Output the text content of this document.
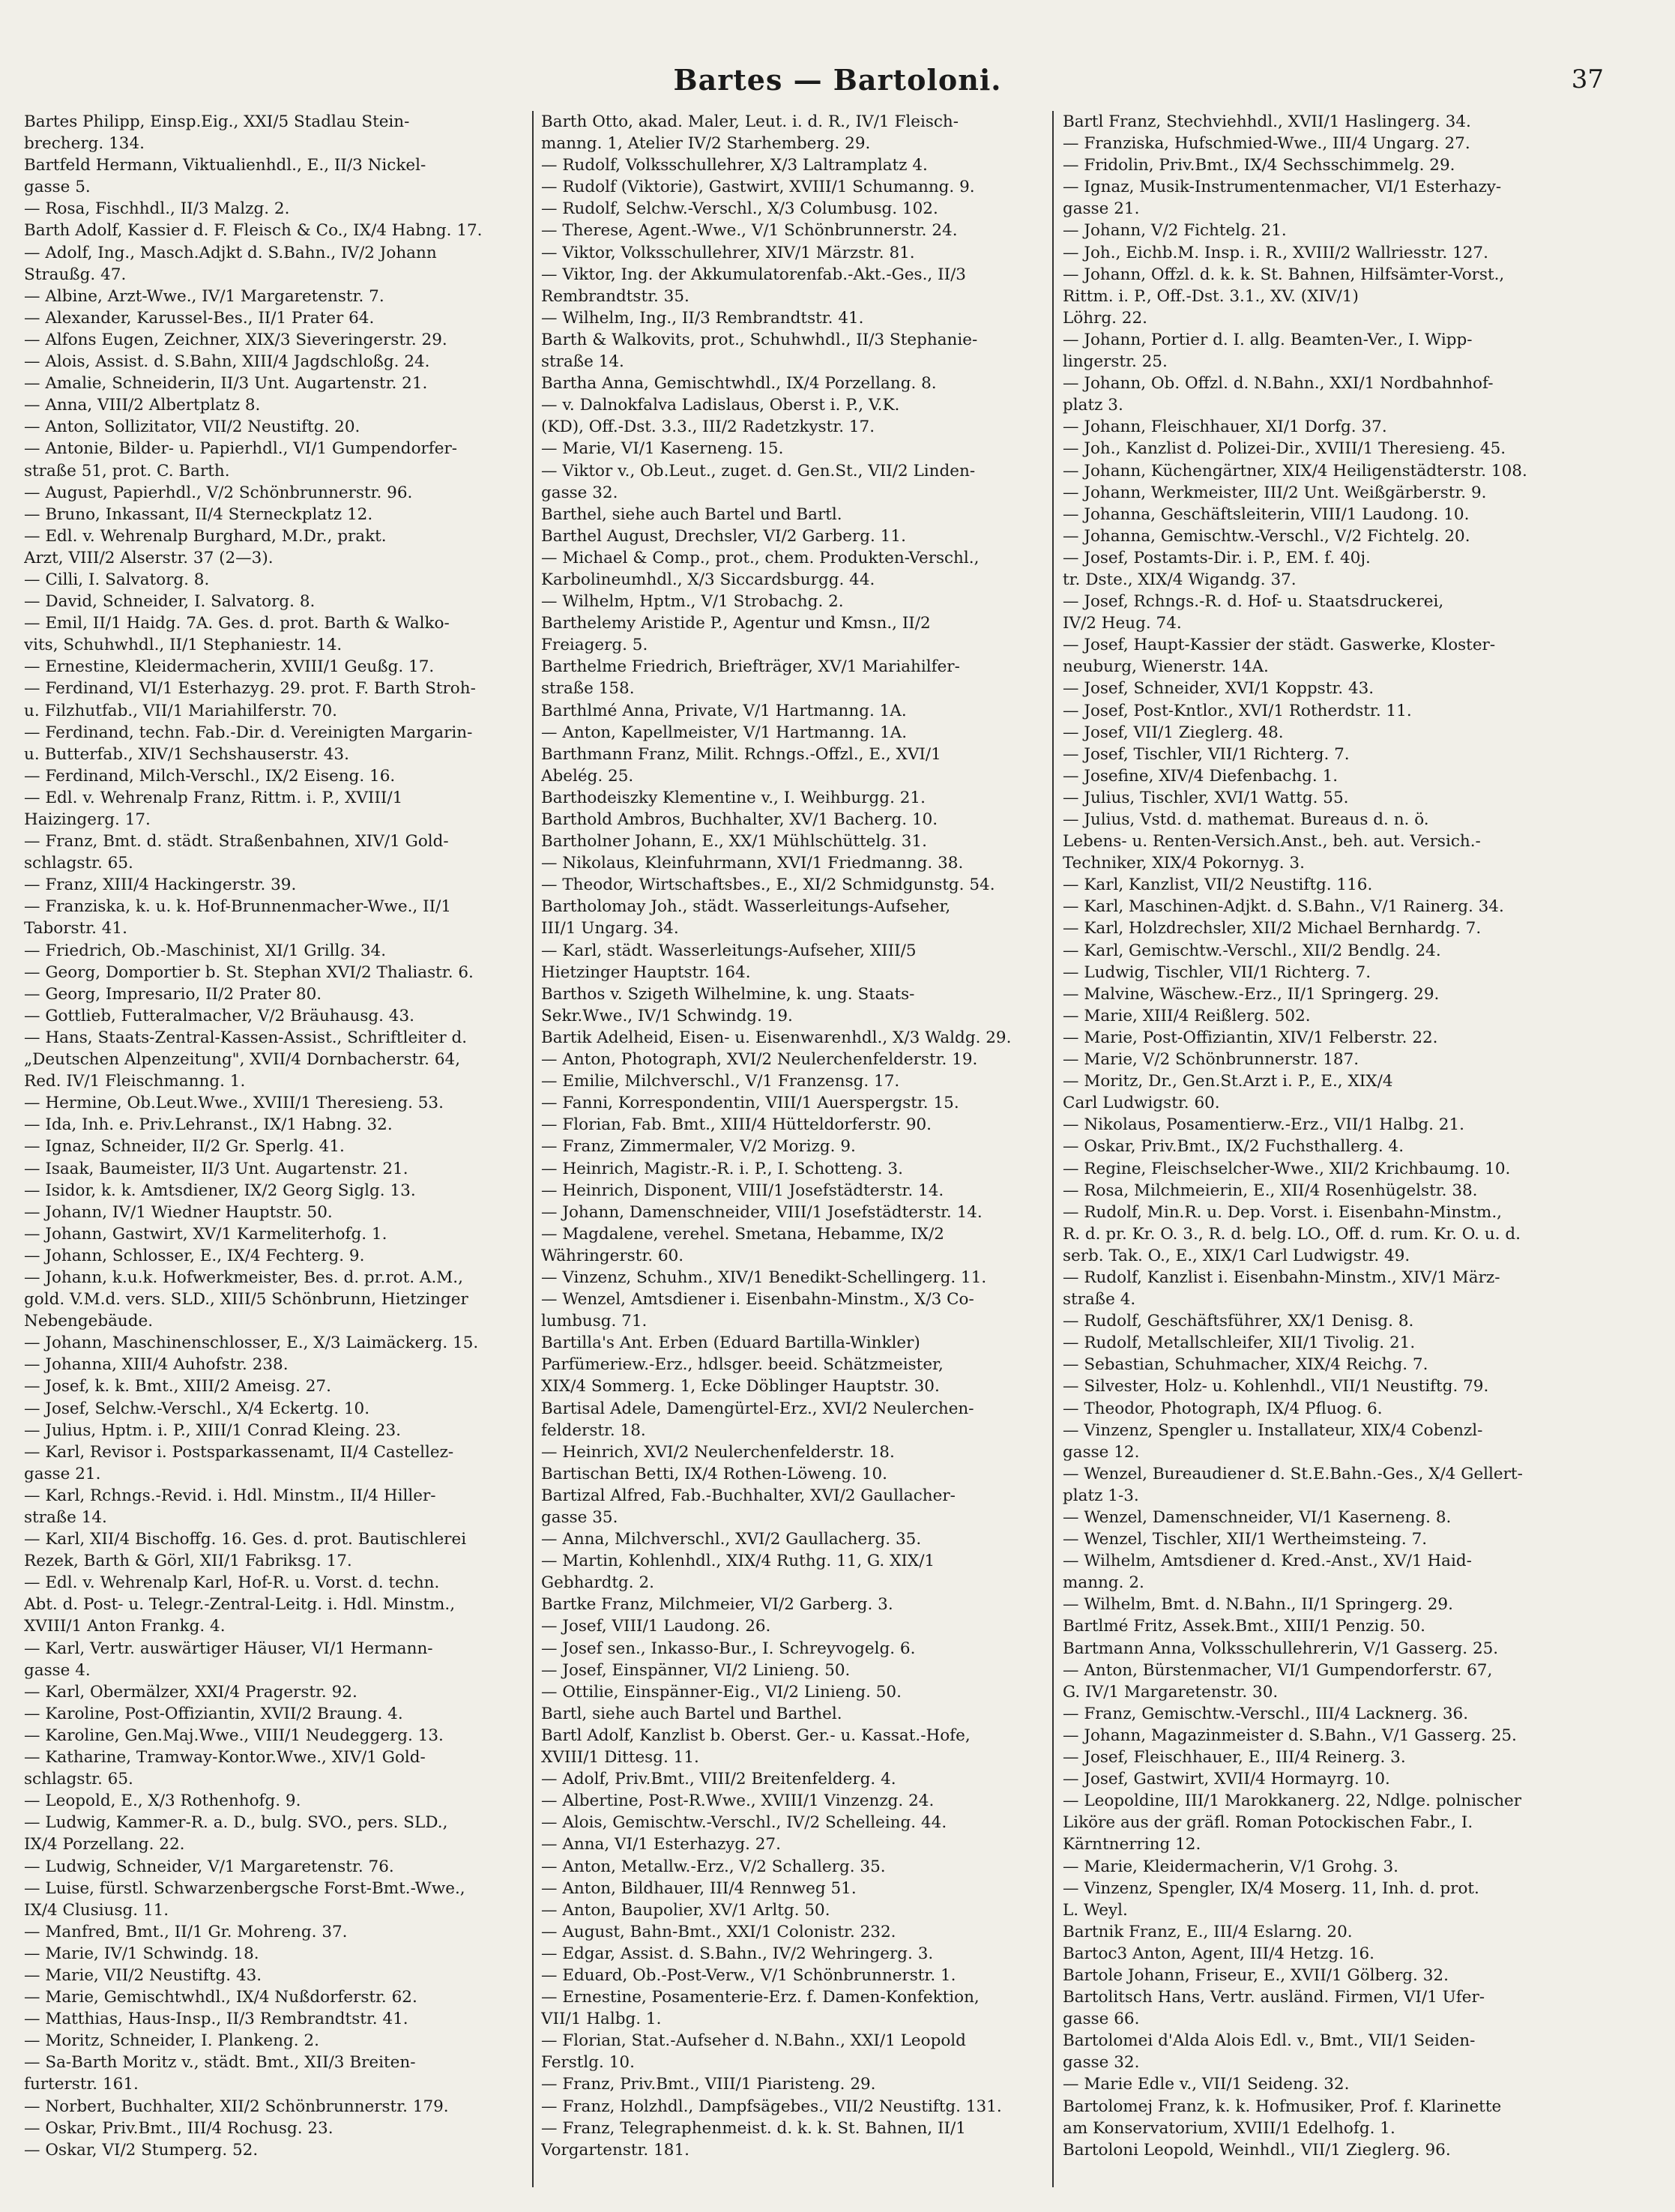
Bartes — Bartoloni.	37
Bartes Philipp, Einsp.Eig., XXI/5 Stadlau Stein-
brecherg. 134.
Bartfeld Hermann, Viktualienhdl., E., II/3 Nickel-
gasse 5.
— Rosa, Fischhdl., II/3 Malzg. 2.
Barth Adolf, Kassier d. F. Fleisch & Co., IX/4 Habng. 17.
— Adolf, Ing., Masch.Adjkt d. S.Bahn., IV/2 Johann
Straußg. 47.
— Albine, Arzt-Wwe., IV/1 Margaretenstr. 7.
— Alexander, Karussel-Bes., II/1 Prater 64.
— Alfons Eugen, Zeichner, XIX/3 Sieveringerstr. 29.
— Alois, Assist. d. S.Bahn, XIII/4 Jagdschloßg. 24.
— Amalie, Schneiderin, II/3 Unt. Augartenstr. 21.
— Anna, VIII/2 Albertplatz 8.
— Anton, Sollizitator, VII/2 Neustiftg. 20.
— Antonie, Bilder- u. Papierhdl., VI/1 Gumpendorfer-
straße 51, prot. C. Barth.
— August, Papierhdl., V/2 Schönbrunnerstr. 96.
— Bruno, Inkassant, II/4 Sterneckplatz 12.
— Edl. v. Wehrenalp Burghard, M.Dr., prakt.
Arzt, VIII/2 Alserstr. 37 (2—3).
— Cilli, I. Salvatorg. 8.
— David, Schneider, I. Salvatorg. 8.
— Emil, II/1 Haidg. 7A. Ges. d. prot. Barth & Walko-
vits, Schuhwhdl., II/1 Stephaniestr. 14.
— Ernestine, Kleidermacherin, XVIII/1 Geußg. 17.
— Ferdinand, VI/1 Esterhazyg. 29. prot. F. Barth Stroh-
u. Filzhutfab., VII/1 Mariahilferstr. 70.
— Ferdinand, techn. Fab.-Dir. d. Vereinigten Margarin-
u. Butterfab., XIV/1 Sechshauserstr. 43.
— Ferdinand, Milch-Verschl., IX/2 Eiseng. 16.
— Edl. v. Wehrenalp Franz, Rittm. i. P., XVIII/1
Haizingerg. 17.
— Franz, Bmt. d. städt. Straßenbahnen, XIV/1 Gold-
schlagstr. 65.
— Franz, XIII/4 Hackingerstr. 39.
— Franziska, k. u. k. Hof-Brunnenmacher-Wwe., II/1
Taborstr. 41.
— Friedrich, Ob.-Maschinist, XI/1 Grillg. 34.
— Georg, Domportier b. St. Stephan XVI/2 Thaliastr. 6.
— Georg, Impresario, II/2 Prater 80.
— Gottlieb, Futteralmacher, V/2 Bräuhausg. 43.
— Hans, Staats-Zentral-Kassen-Assist., Schriftleiter d.
„Deutschen Alpenzeitung", XVII/4 Dornbacherstr. 64,
Red. IV/1 Fleischmanng. 1.
— Hermine, Ob.Leut.Wwe., XVIII/1 Theresieng. 53.
— Ida, Inh. e. Priv.Lehranst., IX/1 Habng. 32.
— Ignaz, Schneider, II/2 Gr. Sperlg. 41.
— Isaak, Baumeister, II/3 Unt. Augartenstr. 21.
— Isidor, k. k. Amtsdiener, IX/2 Georg Siglg. 13.
— Johann, IV/1 Wiedner Hauptstr. 50.
— Johann, Gastwirt, XV/1 Karmeliterhofg. 1.
— Johann, Schlosser, E., IX/4 Fechterg. 9.
— Johann, k.u.k. Hofwerkmeister, Bes. d. pr.rot. A.M.,
gold. V.M.d. vers. SLD., XIII/5 Schönbrunn, Hietzinger
Nebengebäude.
— Johann, Maschinenschlosser, E., X/3 Laimäckerg. 15.
— Johanna, XIII/4 Auhofstr. 238.
— Josef, k. k. Bmt., XIII/2 Ameisg. 27.
— Josef, Selchw.-Verschl., X/4 Eckertg. 10.
— Julius, Hptm. i. P., XIII/1 Conrad Kleing. 23.
— Karl, Revisor i. Postsparkassenamt, II/4 Castellez-
gasse 21.
— Karl, Rchngs.-Revid. i. Hdl. Minstm., II/4 Hiller-
straße 14.
— Karl, XII/4 Bischoffg. 16. Ges. d. prot. Bautischlerei
Rezek, Barth & Görl, XII/1 Fabriksg. 17.
— Edl. v. Wehrenalp Karl, Hof-R. u. Vorst. d. techn.
Abt. d. Post- u. Telegr.-Zentral-Leitg. i. Hdl. Minstm.,
XVIII/1 Anton Frankg. 4.
— Karl, Vertr. auswärtiger Häuser, VI/1 Hermann-
gasse 4.
— Karl, Obermälzer, XXI/4 Pragerstr. 92.
— Karoline, Post-Offiziantin, XVII/2 Braung. 4.
— Karoline, Gen.Maj.Wwe., VIII/1 Neudeggerg. 13.
— Katharine, Tramway-Kontor.Wwe., XIV/1 Gold-
schlagstr. 65.
— Leopold, E., X/3 Rothenhofg. 9.
— Ludwig, Kammer-R. a. D., bulg. SVO., pers. SLD.,
IX/4 Porzellang. 22.
— Ludwig, Schneider, V/1 Margaretenstr. 76.
— Luise, fürstl. Schwarzenbergsche Forst-Bmt.-Wwe.,
IX/4 Clusiusg. 11.
— Manfred, Bmt., II/1 Gr. Mohreng. 37.
— Marie, IV/1 Schwindg. 18.
— Marie, VII/2 Neustiftg. 43.
— Marie, Gemischtwhdl., IX/4 Nußdorferstr. 62.
— Matthias, Haus-Insp., II/3 Rembrandtstr. 41.
— Moritz, Schneider, I. Plankeng. 2.
— Sa-Barth Moritz v., städt. Bmt., XII/3 Breiten-
furterstr. 161.
— Norbert, Buchhalter, XII/2 Schönbrunnerstr. 179.
— Oskar, Priv.Bmt., III/4 Rochusg. 23.
— Oskar, VI/2 Stumperg. 52.
Barth Otto, akad. Maler, Leut. i. d. R., IV/1 Fleisch-
manng. 1, Atelier IV/2 Starhemberg. 29.
— Rudolf, Volksschullehrer, X/3 Laltramplatz 4.
— Rudolf (Viktorie), Gastwirt, XVIII/1 Schumanng. 9.
— Rudolf, Selchw.-Verschl., X/3 Columbusg. 102.
— Therese, Agent.-Wwe., V/1 Schönbrunnerstr. 24.
— Viktor, Volksschullehrer, XIV/1 Märzstr. 81.
— Viktor, Ing. der Akkumulatorenfab.-Akt.-Ges., II/3
Rembrandtstr. 35.
— Wilhelm, Ing., II/3 Rembrandtstr. 41.
Barth & Walkovits, prot., Schuhwhdl., II/3 Stephanie-
straße 14.
Bartha Anna, Gemischtwhdl., IX/4 Porzellang. 8.
— v. Dalnokfalva Ladislaus, Oberst i. P., V.K.
(KD), Off.-Dst. 3.3., III/2 Radetzkystr. 17.
— Marie, VI/1 Kaserneng. 15.
— Viktor v., Ob.Leut., zuget. d. Gen.St., VII/2 Linden-
gasse 32.
Barthel, siehe auch Bartel und Bartl.
Barthel August, Drechsler, VI/2 Garberg. 11.
— Michael & Comp., prot., chem. Produkten-Verschl.,
Karbolineumhdl., X/3 Siccardsburgg. 44.
— Wilhelm, Hptm., V/1 Strobachg. 2.
Barthelemy Aristide P., Agentur und Kmsn., II/2
Freiagerg. 5.
Barthelme Friedrich, Briefträger, XV/1 Mariahilfer-
straße 158.
Barthlmé Anna, Private, V/1 Hartmanng. 1A.
— Anton, Kapellmeister, V/1 Hartmanng. 1A.
Barthmann Franz, Milit. Rchngs.-Offzl., E., XVI/1
Abelég. 25.
Barthodeiszky Klementine v., I. Weihburgg. 21.
Barthold Ambros, Buchhalter, XV/1 Bacherg. 10.
Bartholner Johann, E., XX/1 Mühlschüttelg. 31.
— Nikolaus, Kleinfuhrmann, XVI/1 Friedmanng. 38.
— Theodor, Wirtschaftsbes., E., XI/2 Schmidgunstg. 54.
Bartholomay Joh., städt. Wasserleitungs-Aufseher,
III/1 Ungarg. 34.
— Karl, städt. Wasserleitungs-Aufseher, XIII/5
Hietzinger Hauptstr. 164.
Barthos v. Szigeth Wilhelmine, k. ung. Staats-
Sekr.Wwe., IV/1 Schwindg. 19.
Bartik Adelheid, Eisen- u. Eisenwarenhdl., X/3 Waldg. 29.
— Anton, Photograph, XVI/2 Neulerchenfelderstr. 19.
— Emilie, Milchverschl., V/1 Franzensg. 17.
— Fanni, Korrespondentin, VIII/1 Auerspergstr. 15.
— Florian, Fab. Bmt., XIII/4 Hütteldorferstr. 90.
— Franz, Zimmermaler, V/2 Morizg. 9.
— Heinrich, Magistr.-R. i. P., I. Schotteng. 3.
— Heinrich, Disponent, VIII/1 Josefstädterstr. 14.
— Johann, Damenschneider, VIII/1 Josefstädterstr. 14.
— Magdalene, verehel. Smetana, Hebamme, IX/2
Währingerstr. 60.
— Vinzenz, Schuhm., XIV/1 Benedikt-Schellingerg. 11.
— Wenzel, Amtsdiener i. Eisenbahn-Minstm., X/3 Co-
lumbusg. 71.
Bartilla's Ant. Erben (Eduard Bartilla-Winkler)
Parfümeriew.-Erz., hdlsger. beeid. Schätzmeister,
XIX/4 Sommerg. 1, Ecke Döblinger Hauptstr. 30.
Bartisal Adele, Damengürtel-Erz., XVI/2 Neulerchen-
felderstr. 18.
— Heinrich, XVI/2 Neulerchenfelderstr. 18.
Bartischan Betti, IX/4 Rothen-Löweng. 10.
Bartizal Alfred, Fab.-Buchhalter, XVI/2 Gaullacher-
gasse 35.
— Anna, Milchverschl., XVI/2 Gaullacherg. 35.
— Martin, Kohlenhdl., XIX/4 Ruthg. 11, G. XIX/1
Gebhardtg. 2.
Bartke Franz, Milchmeier, VI/2 Garberg. 3.
— Josef, VIII/1 Laudong. 26.
— Josef sen., Inkasso-Bur., I. Schreyvogelg. 6.
— Josef, Einspänner, VI/2 Linieng. 50.
— Ottilie, Einspänner-Eig., VI/2 Linieng. 50.
Bartl, siehe auch Bartel und Barthel.
Bartl Adolf, Kanzlist b. Oberst. Ger.- u. Kassat.-Hofe,
XVIII/1 Dittesg. 11.
— Adolf, Priv.Bmt., VIII/2 Breitenfelderg. 4.
— Albertine, Post-R.Wwe., XVIII/1 Vinzenzg. 24.
— Alois, Gemischtw.-Verschl., IV/2 Schelleing. 44.
— Anna, VI/1 Esterhazyg. 27.
— Anton, Metallw.-Erz., V/2 Schallerg. 35.
— Anton, Bildhauer, III/4 Rennweg 51.
— Anton, Baupolier, XV/1 Arltg. 50.
— August, Bahn-Bmt., XXI/1 Colonistr. 232.
— Edgar, Assist. d. S.Bahn., IV/2 Wehringerg. 3.
— Eduard, Ob.-Post-Verw., V/1 Schönbrunnerstr. 1.
— Ernestine, Posamenterie-Erz. f. Damen-Konfektion,
VII/1 Halbg. 1.
— Florian, Stat.-Aufseher d. N.Bahn., XXI/1 Leopold
Ferstlg. 10.
— Franz, Priv.Bmt., VIII/1 Piaristeng. 29.
— Franz, Holzhdl., Dampfsägebes., VII/2 Neustiftg. 131.
— Franz, Telegraphenmeist. d. k. k. St. Bahnen, II/1
Vorgartenstr. 181.
Bartl Franz, Stechviehhdl., XVII/1 Haslingerg. 34.
— Franziska, Hufschmied-Wwe., III/4 Ungarg. 27.
— Fridolin, Priv.Bmt., IX/4 Sechsschimmelg. 29.
— Ignaz, Musik-Instrumentenmacher, VI/1 Esterhazy-
gasse 21.
— Johann, V/2 Fichtelg. 21.
— Joh., Eichb.M. Insp. i. R., XVIII/2 Wallriesstr. 127.
— Johann, Offzl. d. k. k. St. Bahnen, Hilfsämter-Vorst.,
Rittm. i. P., Off.-Dst. 3.1., XV. (XIV/1)
Löhrg. 22.
— Johann, Portier d. I. allg. Beamten-Ver., I. Wipp-
lingerstr. 25.
— Johann, Ob. Offzl. d. N.Bahn., XXI/1 Nordbahnhof-
platz 3.
— Johann, Fleischhauer, XI/1 Dorfg. 37.
— Joh., Kanzlist d. Polizei-Dir., XVIII/1 Theresieng. 45.
— Johann, Küchengärtner, XIX/4 Heiligenstädterstr. 108.
— Johann, Werkmeister, III/2 Unt. Weißgärberstr. 9.
— Johanna, Geschäftsleiterin, VIII/1 Laudong. 10.
— Johanna, Gemischtw.-Verschl., V/2 Fichtelg. 20.
— Josef, Postamts-Dir. i. P., EM. f. 40j.
tr. Dste., XIX/4 Wigandg. 37.
— Josef, Rchngs.-R. d. Hof- u. Staatsdruckerei,
IV/2 Heug. 74.
— Josef, Haupt-Kassier der städt. Gaswerke, Kloster-
neuburg, Wienerstr. 14A.
— Josef, Schneider, XVI/1 Koppstr. 43.
— Josef, Post-Kntlor., XVI/1 Rotherdstr. 11.
— Josef, VII/1 Zieglerg. 48.
— Josef, Tischler, VII/1 Richterg. 7.
— Josefine, XIV/4 Diefenbachg. 1.
— Julius, Tischler, XVI/1 Wattg. 55.
— Julius, Vstd. d. mathemat. Bureaus d. n. ö.
Lebens- u. Renten-Versich.Anst., beh. aut. Versich.-
Techniker, XIX/4 Pokornyg. 3.
— Karl, Kanzlist, VII/2 Neustiftg. 116.
— Karl, Maschinen-Adjkt. d. S.Bahn., V/1 Rainerg. 34.
— Karl, Holzdrechsler, XII/2 Michael Bernhardg. 7.
— Karl, Gemischtw.-Verschl., XII/2 Bendlg. 24.
— Ludwig, Tischler, VII/1 Richterg. 7.
— Malvine, Wäschew.-Erz., II/1 Springerg. 29.
— Marie, XIII/4 Reißlerg. 502.
— Marie, Post-Offiziantin, XIV/1 Felberstr. 22.
— Marie, V/2 Schönbrunnerstr. 187.
— Moritz, Dr., Gen.St.Arzt i. P., E., XIX/4
Carl Ludwigstr. 60.
— Nikolaus, Posamentierw.-Erz., VII/1 Halbg. 21.
— Oskar, Priv.Bmt., IX/2 Fuchsthallerg. 4.
— Regine, Fleischselcher-Wwe., XII/2 Krichbaumg. 10.
— Rosa, Milchmeierin, E., XII/4 Rosenhügelstr. 38.
— Rudolf, Min.R. u. Dep. Vorst. i. Eisenbahn-Minstm.,
R. d. pr. Kr. O. 3., R. d. belg. LO., Off. d. rum. Kr. O. u. d.
serb. Tak. O., E., XIX/1 Carl Ludwigstr. 49.
— Rudolf, Kanzlist i. Eisenbahn-Minstm., XIV/1 März-
straße 4.
— Rudolf, Geschäftsführer, XX/1 Denisg. 8.
— Rudolf, Metallschleifer, XII/1 Tivolig. 21.
— Sebastian, Schuhmacher, XIX/4 Reichg. 7.
— Silvester, Holz- u. Kohlenhdl., VII/1 Neustiftg. 79.
— Theodor, Photograph, IX/4 Pfluog. 6.
— Vinzenz, Spengler u. Installateur, XIX/4 Cobenzl-
gasse 12.
— Wenzel, Bureaudiener d. St.E.Bahn.-Ges., X/4 Gellert-
platz 1-3.
— Wenzel, Damenschneider, VI/1 Kaserneng. 8.
— Wenzel, Tischler, XII/1 Wertheimsteing. 7.
— Wilhelm, Amtsdiener d. Kred.-Anst., XV/1 Haid-
manng. 2.
— Wilhelm, Bmt. d. N.Bahn., II/1 Springerg. 29.
Bartlmé Fritz, Assek.Bmt., XIII/1 Penzig. 50.
Bartmann Anna, Volksschullehrerin, V/1 Gasserg. 25.
— Anton, Bürstenmacher, VI/1 Gumpendorferstr. 67,
G. IV/1 Margaretenstr. 30.
— Franz, Gemischtw.-Verschl., III/4 Lacknerg. 36.
— Johann, Magazinmeister d. S.Bahn., V/1 Gasserg. 25.
— Josef, Fleischhauer, E., III/4 Reinerg. 3.
— Josef, Gastwirt, XVII/4 Hormayrg. 10.
— Leopoldine, III/1 Marokkanerg. 22, Ndlge. polnischer
Liköre aus der gräfl. Roman Potockischen Fabr., I.
Kärntnerring 12.
— Marie, Kleidermacherin, V/1 Grohg. 3.
— Vinzenz, Spengler, IX/4 Moserg. 11, Inh. d. prot.
L. Weyl.
Bartnik Franz, E., III/4 Eslarng. 20.
Bartoc3 Anton, Agent, III/4 Hetzg. 16.
Bartole Johann, Friseur, E., XVII/1 Gölberg. 32.
Bartolitsch Hans, Vertr. ausländ. Firmen, VI/1 Ufer-
gasse 66.
Bartolomei d'Alda Alois Edl. v., Bmt., VII/1 Seiden-
gasse 32.
— Marie Edle v., VII/1 Seideng. 32.
Bartolomej Franz, k. k. Hofmusiker, Prof. f. Klarinette
am Konservatorium, XVIII/1 Edelhofg. 1.
Bartoloni Leopold, Weinhdl., VII/1 Zieglerg. 96.
